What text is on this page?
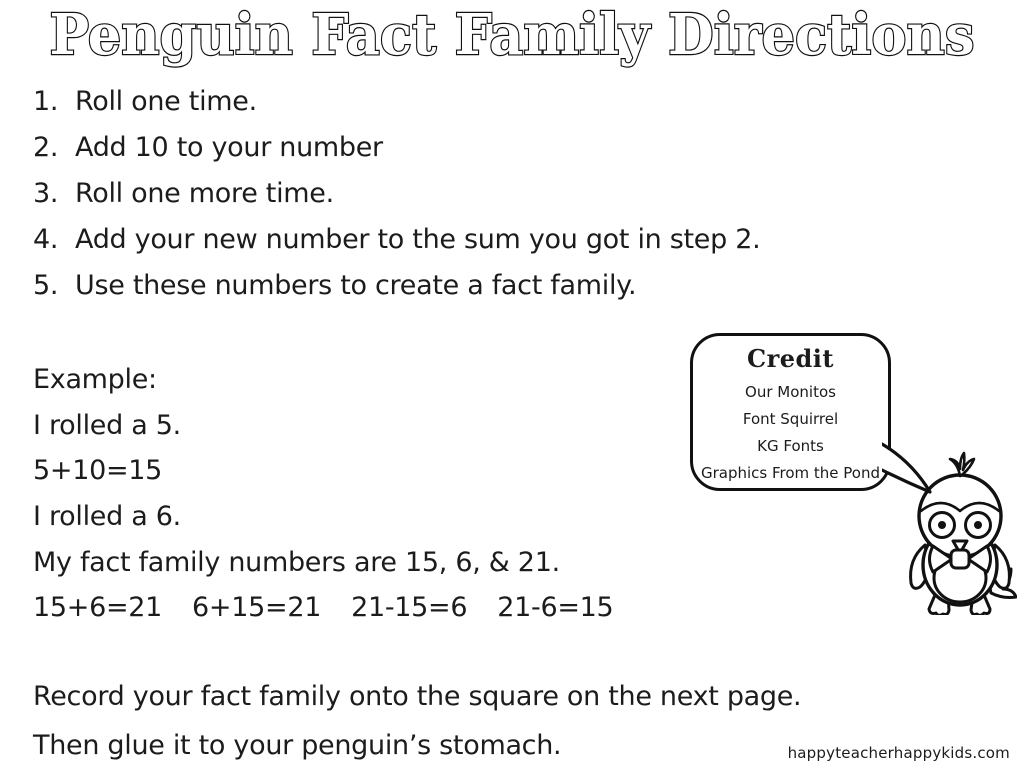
Penguin Fact Family Directions
1. Roll one time.
2. Add 10 to your number
3. Roll one more time.
4. Add your new number to the sum you got in step 2.
5. Use these numbers to create a fact family.
Example:
I rolled a 5.
5+10=15
I rolled a 6.
My fact family numbers are 15, 6, & 21.
15+6=21 6+15=21 21-15=6 21-6=15
Credit
Our Monitos
Font Squirrel
KG Fonts
Graphics From the Pond
Record your fact family onto the square on the next page.
Then glue it to your penguin’s stomach.	happyteacherhappykids.com
